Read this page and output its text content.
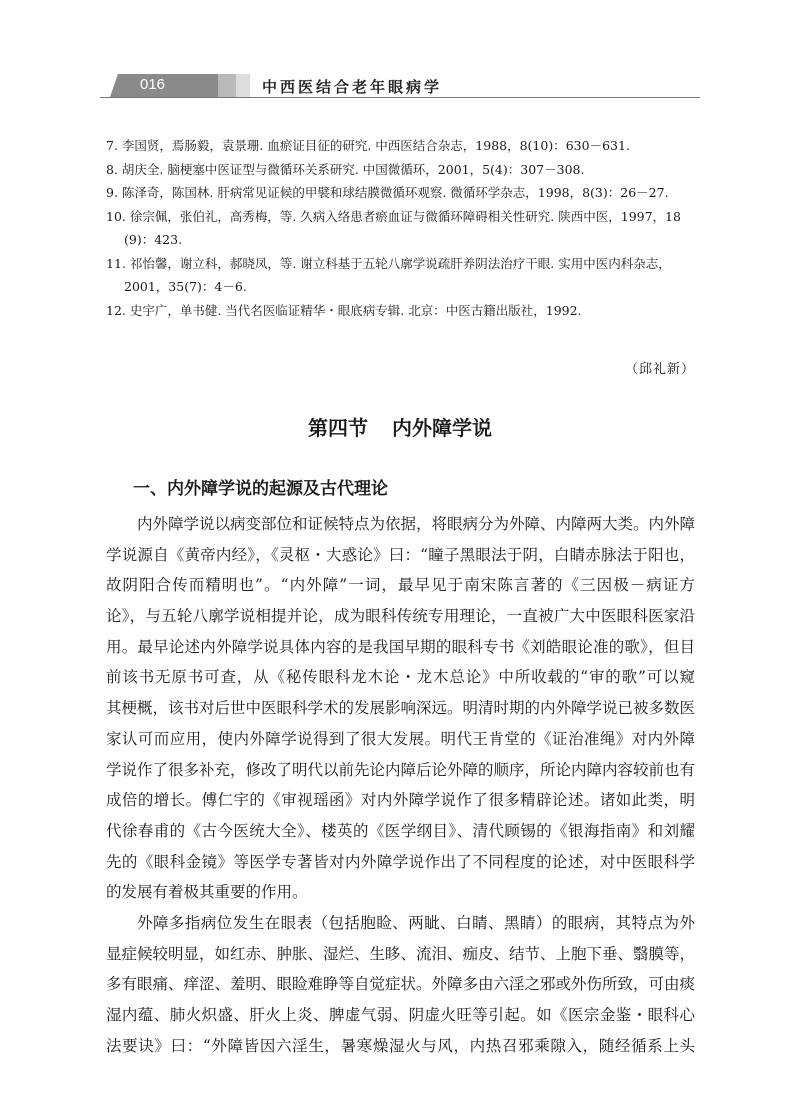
016	中西医结合老年眼病学
7. 李国贤，焉肠毅，袁景珊. 血瘀证目征的研究. 中西医结合杂志，1988，8(10)：630－631.
8. 胡庆全. 脑梗塞中医证型与微循环关系研究. 中国微循环，2001，5(4)：307－308.
9. 陈泽奇，陈国林. 肝病常见证候的甲襞和球结膜微循环观察. 微循环学杂志，1998，8(3)：26－27.
10. 徐宗佩，张伯礼，高秀梅，等. 久病入络患者瘀血证与微循环障碍相关性研究. 陕西中医，1997，18
(9)：423.
11. 祁怡馨，谢立科，郝晓凤，等. 谢立科基于五轮八廓学说疏肝养阴法治疗干眼. 实用中医内科杂志，
2001，35(7)：4－6.
12. 史宇广，单书健. 当代名医临证精华・眼底病专辑. 北京：中医古籍出版社，1992.
（邱礼新）
第四节 内外障学说
一、内外障学说的起源及古代理论
内外障学说以病变部位和证候特点为依据，将眼病分为外障、内障两大类。内外障
学说源自《黄帝内经》，《灵枢・大惑论》曰：“瞳子黑眼法于阴，白睛赤脉法于阳也，
故阴阳合传而精明也”。“内外障”一词，最早见于南宋陈言著的《三因极－病证方
论》，与五轮八廓学说相提并论，成为眼科传统专用理论，一直被广大中医眼科医家沿
用。最早论述内外障学说具体内容的是我国早期的眼科专书《刘皓眼论准的歌》，但目
前该书无原书可查，从《秘传眼科龙木论・龙木总论》中所收载的“审的歌”可以窥
其梗概，该书对后世中医眼科学术的发展影响深远。明清时期的内外障学说已被多数医
家认可而应用，使内外障学说得到了很大发展。明代王肯堂的《证治准绳》对内外障
学说作了很多补充，修改了明代以前先论内障后论外障的顺序，所论内障内容较前也有
成倍的增长。傅仁宇的《审视瑶函》对内外障学说作了很多精辟论述。诸如此类，明
代徐春甫的《古今医统大全》、楼英的《医学纲目》、清代顾锡的《银海指南》和刘耀
先的《眼科金镜》等医学专著皆对内外障学说作出了不同程度的论述，对中医眼科学
的发展有着极其重要的作用。
外障多指病位发生在眼表（包括胞睑、两眦、白睛、黑睛）的眼病，其特点为外
显症候较明显，如红赤、肿胀、湿烂、生眵、流泪、痂皮、结节、上胞下垂、翳膜等，
多有眼痛、痒涩、羞明、眼睑难睁等自觉症状。外障多由六淫之邪或外伤所致，可由痰
湿内蕴、肺火炽盛、肝火上炎、脾虚气弱、阴虚火旺等引起。如《医宗金鉴・眼科心
法要诀》曰：“外障皆因六淫生，暑寒燥湿火与风，内热召邪乘隙入，随经循系上头
